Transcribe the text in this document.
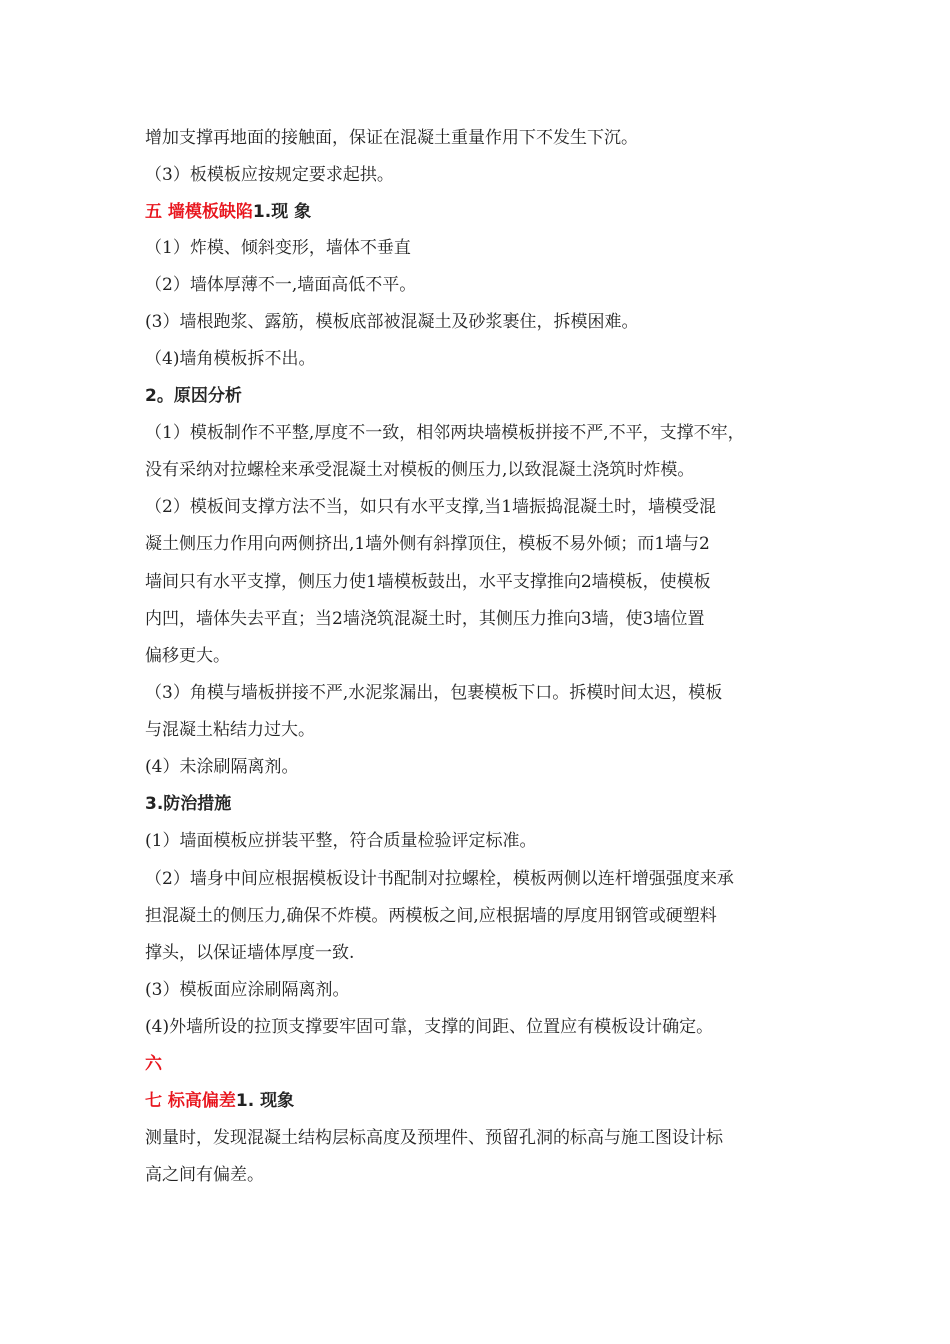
增加支撑再地面的接触面，保证在混凝土重量作用下不发生下沉。
（3）板模板应按规定要求起拱。
五 墙模板缺陷1.现 象
（1）炸模、倾斜变形，墙体不垂直
（2）墙体厚薄不一,墙面高低不平。
(3）墙根跑浆、露筋，模板底部被混凝土及砂浆裹住，拆模困难。
（4)墙角模板拆不出。
2。原因分析
（1）模板制作不平整,厚度不一致，相邻两块墙模板拼接不严,不平，支撑不牢，
没有采纳对拉螺栓来承受混凝土对模板的侧压力,以致混凝土浇筑时炸模。
（2）模板间支撑方法不当，如只有水平支撑,当1墙振捣混凝土时，墙模受混
凝土侧压力作用向两侧挤出,1墙外侧有斜撑顶住，模板不易外倾；而1墙与2
墙间只有水平支撑，侧压力使1墙模板鼓出，水平支撑推向2墙模板，使模板
内凹，墙体失去平直；当2墙浇筑混凝土时，其侧压力推向3墙，使3墙位置
偏移更大。
（3）角模与墙板拼接不严,水泥浆漏出，包裹模板下口。拆模时间太迟，模板
与混凝土粘结力过大。
(4）未涂刷隔离剂。
3.防治措施
(1）墙面模板应拼装平整，符合质量检验评定标准。
（2）墙身中间应根据模板设计书配制对拉螺栓，模板两侧以连杆增强强度来承
担混凝土的侧压力,确保不炸模。两模板之间,应根据墙的厚度用钢管或硬塑料
撑头，以保证墙体厚度一致.
(3）模板面应涂刷隔离剂。
(4)外墙所设的拉顶支撑要牢固可靠，支撑的间距、位置应有模板设计确定。
六
七 标高偏差1. 现象
测量时，发现混凝土结构层标高度及预埋件、预留孔洞的标高与施工图设计标
高之间有偏差。
